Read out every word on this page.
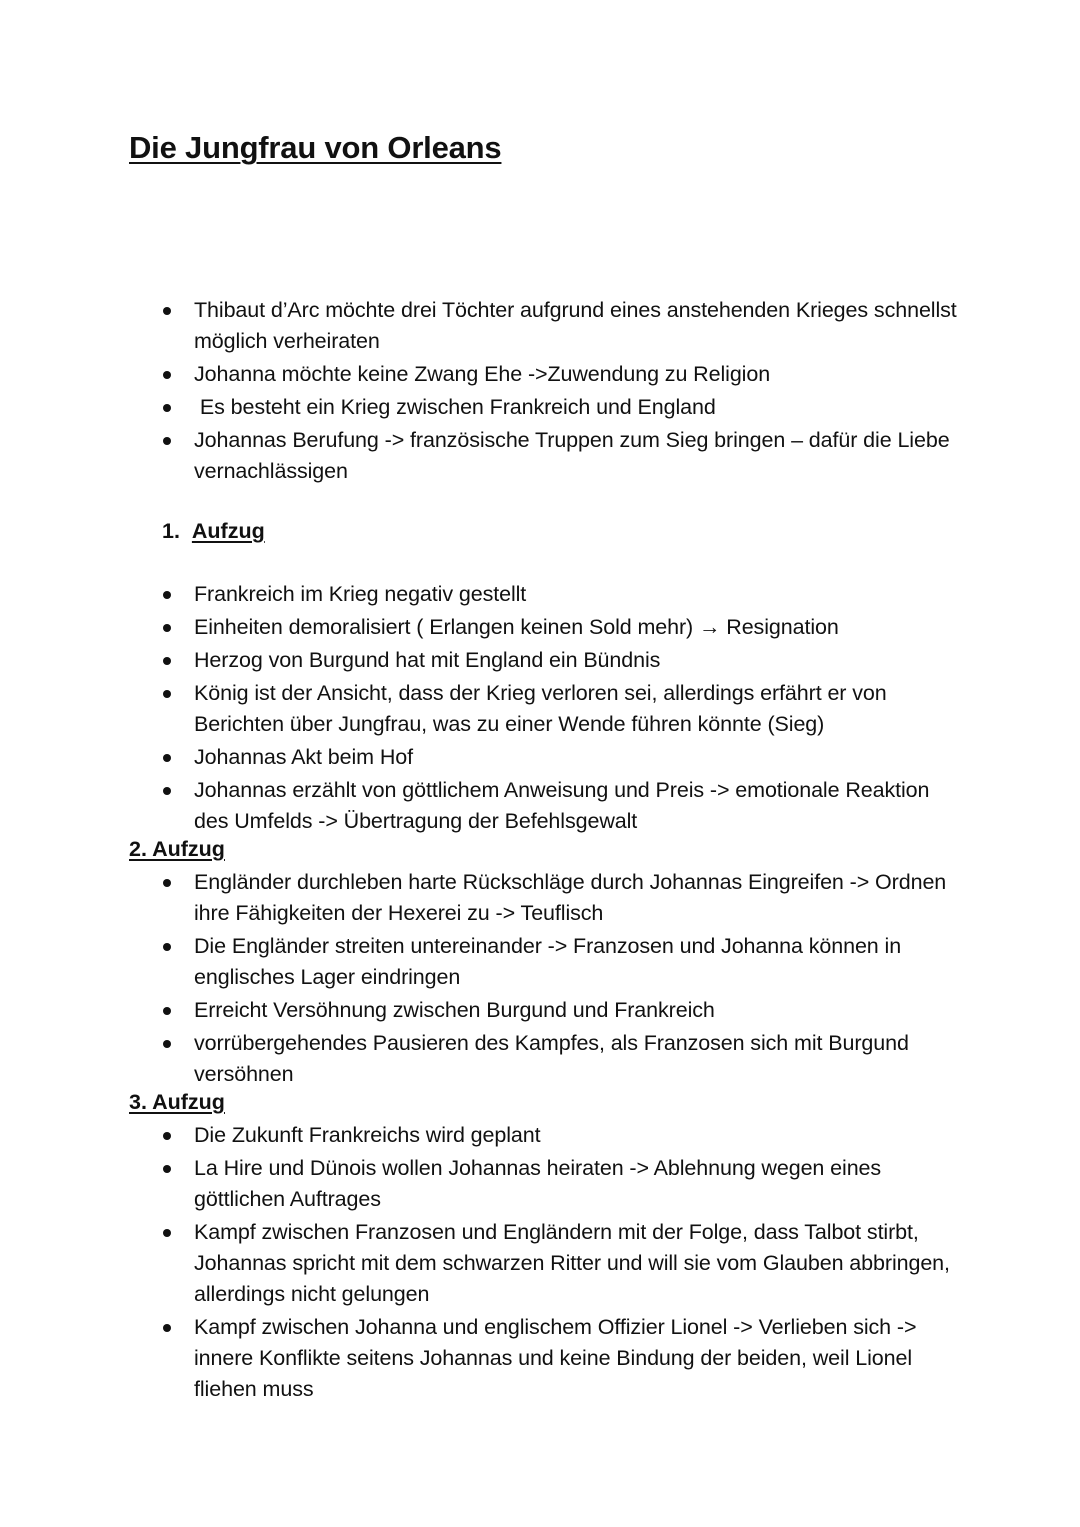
Die Jungfrau von Orleans
Thibaut d’Arc möchte drei Töchter aufgrund eines anstehenden Krieges schnellst möglich verheiraten
Johanna möchte keine Zwang Ehe ->Zuwendung zu Religion
Es besteht ein Krieg zwischen Frankreich und England
Johannas Berufung -> französische Truppen zum Sieg bringen – dafür die Liebe vernachlässigen
1. Aufzug
Frankreich im Krieg negativ gestellt
Einheiten demoralisiert ( Erlangen keinen Sold mehr) → Resignation
Herzog von Burgund hat mit England ein Bündnis
König ist der Ansicht, dass der Krieg verloren sei, allerdings erfährt er von Berichten über Jungfrau, was zu einer Wende führen könnte (Sieg)
Johannas Akt beim Hof
Johannas erzählt von göttlichem Anweisung und Preis -> emotionale Reaktion des Umfelds -> Übertragung der Befehlsgewalt
2. Aufzug
Engländer durchleben harte Rückschläge durch Johannas Eingreifen -> Ordnen ihre Fähigkeiten der Hexerei zu -> Teuflisch
Die Engländer streiten untereinander -> Franzosen und Johanna können in englisches Lager eindringen
Erreicht Versöhnung zwischen Burgund und Frankreich
vorrübergehendes Pausieren des Kampfes, als Franzosen sich mit Burgund versöhnen
3. Aufzug
Die Zukunft Frankreichs wird geplant
La Hire und Dünois wollen Johannas heiraten -> Ablehnung wegen eines göttlichen Auftrages
Kampf zwischen Franzosen und Engländern mit der Folge, dass Talbot stirbt, Johannas spricht mit dem schwarzen Ritter und will sie vom Glauben abbringen, allerdings nicht gelungen
Kampf zwischen Johanna und englischem Offizier Lionel -> Verlieben sich -> innere Konflikte seitens Johannas und keine Bindung der beiden, weil Lionel fliehen muss
